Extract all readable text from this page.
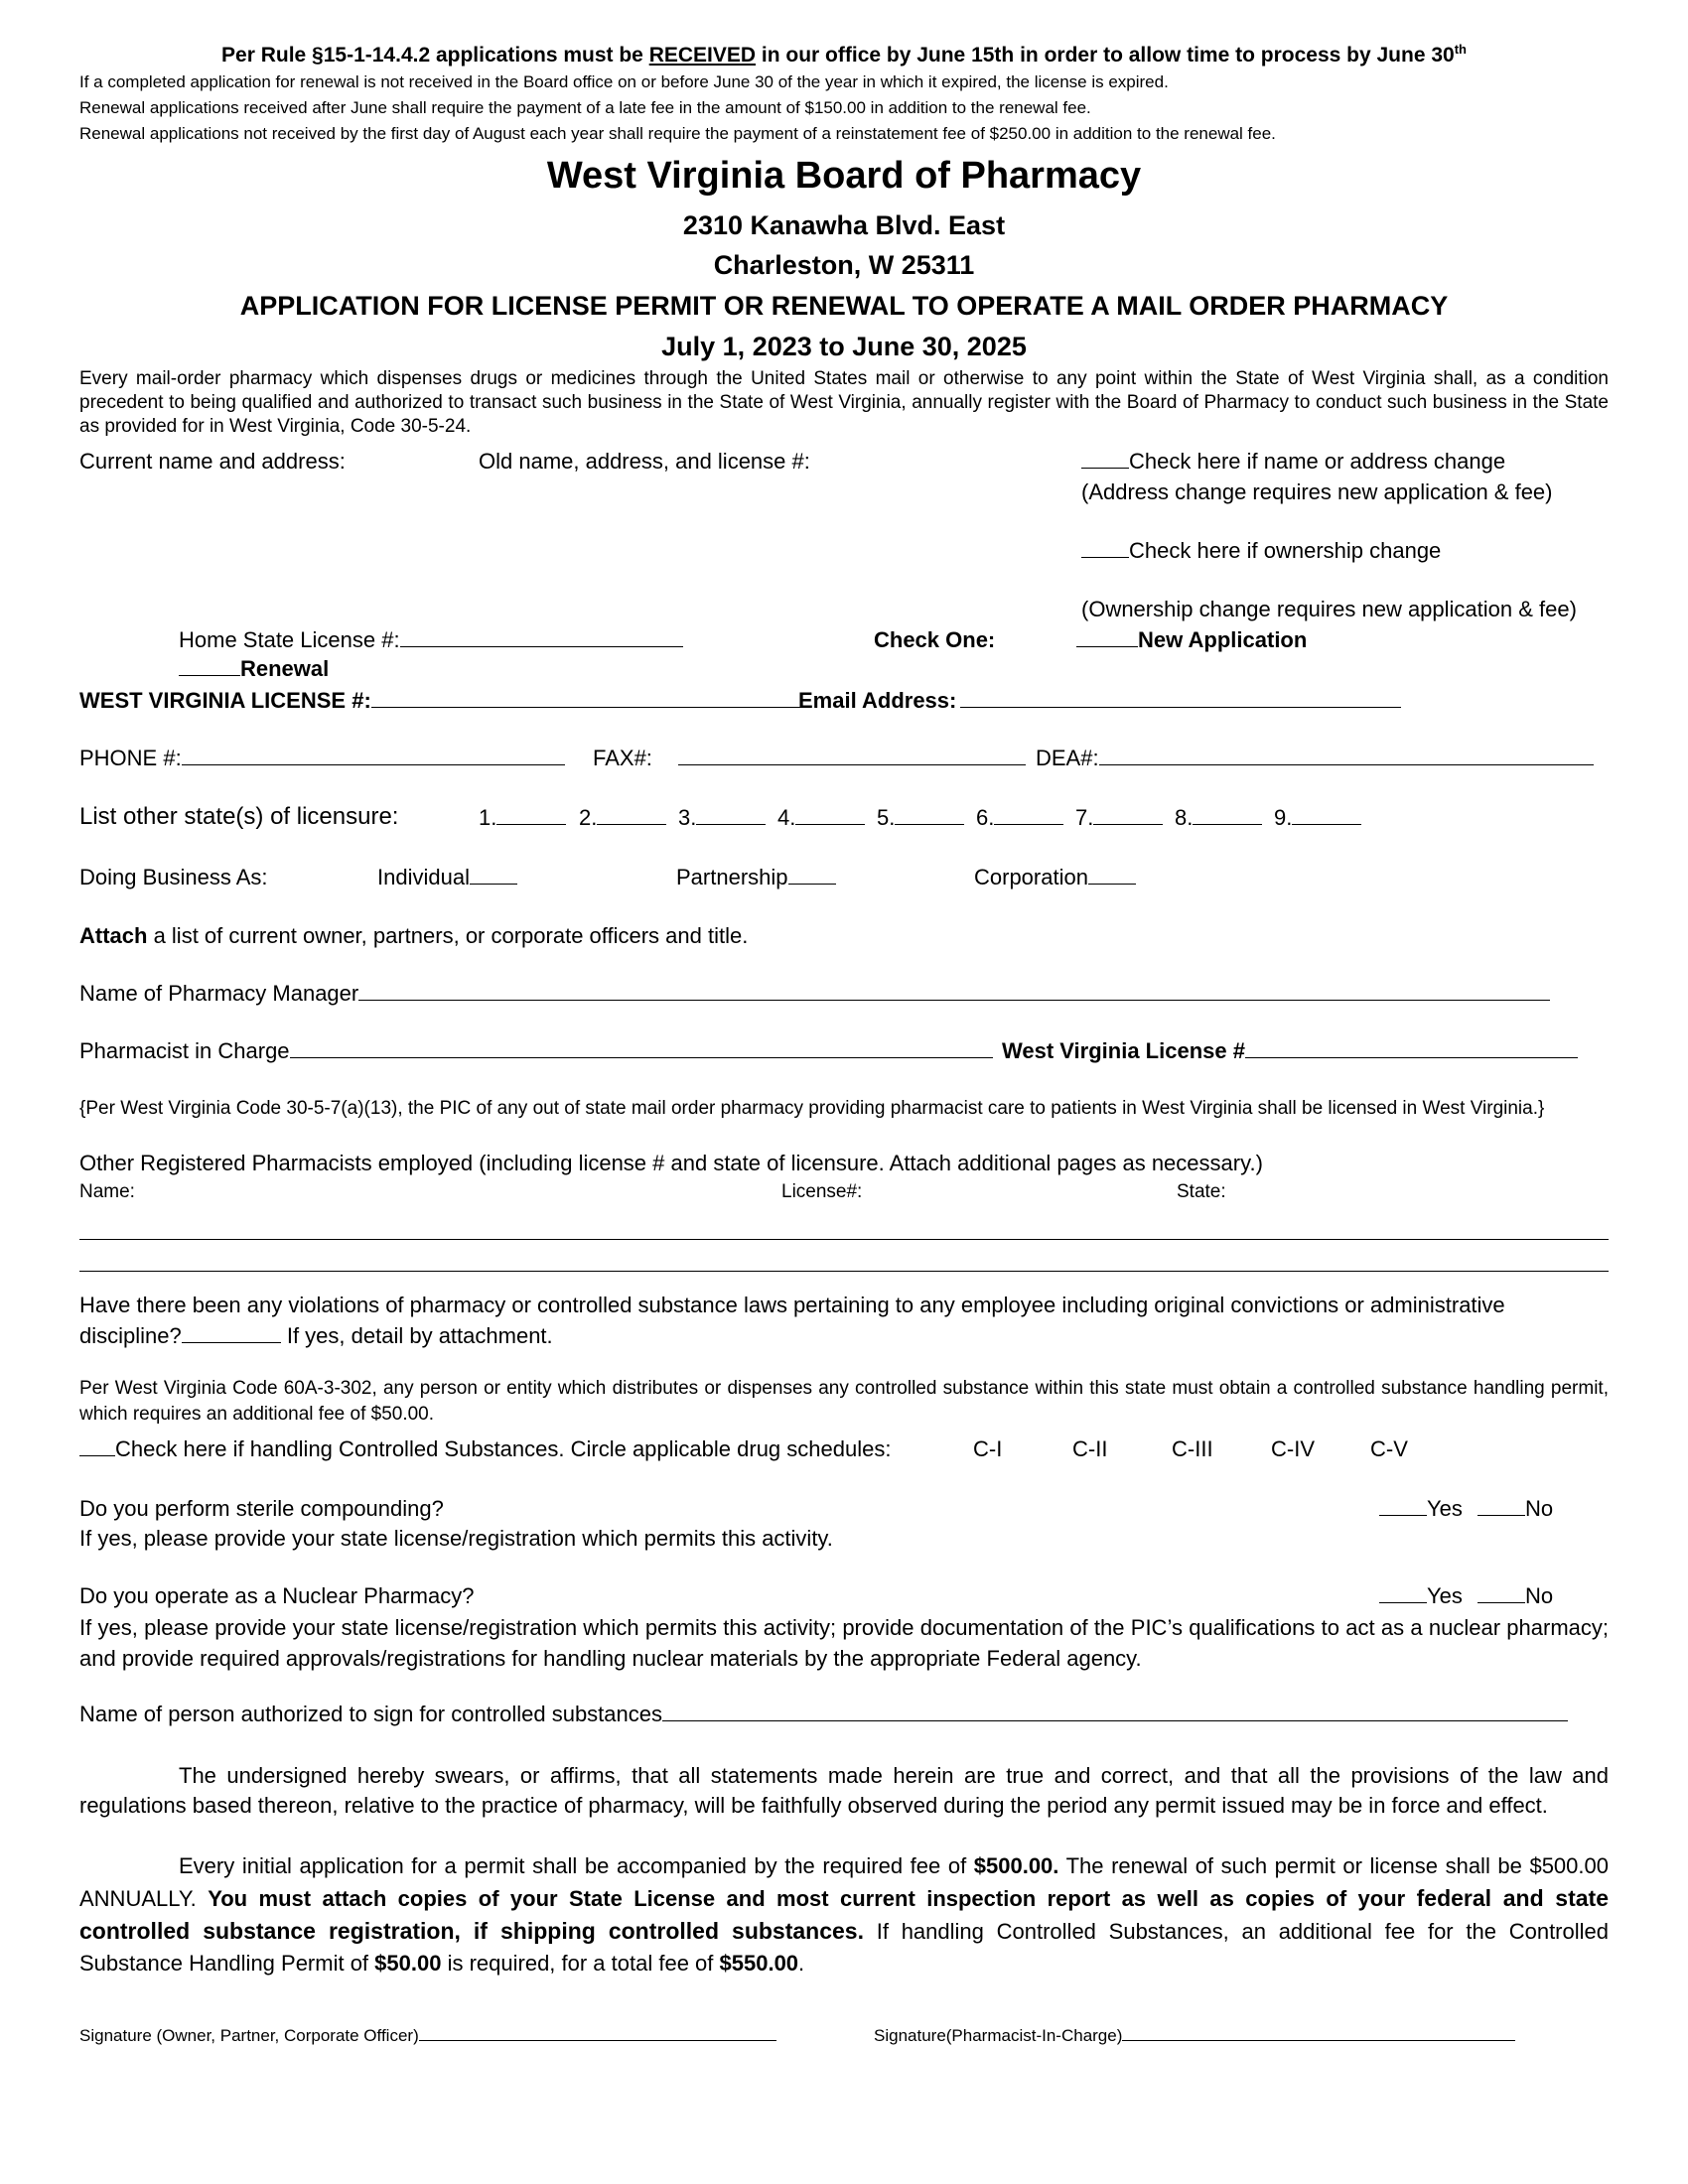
Per Rule §15-1-14.4.2 applications must be RECEIVED in our office by June 15th in order to allow time to process by June 30th
If a completed application for renewal is not received in the Board office on or before June 30 of the year in which it expired, the license is expired.
Renewal applications received after June shall require the payment of a late fee in the amount of $150.00 in addition to the renewal fee.
Renewal applications not received by the first day of August each year shall require the payment of a reinstatement fee of $250.00 in addition to the renewal fee.
West Virginia Board of Pharmacy
2310 Kanawha Blvd. East
Charleston, W 25311
APPLICATION FOR LICENSE PERMIT OR RENEWAL TO OPERATE A MAIL ORDER PHARMACY
July 1, 2023 to June 30, 2025
Every mail-order pharmacy which dispenses drugs or medicines through the United States mail or otherwise to any point within the State of West Virginia shall, as a condition precedent to being qualified and authorized to transact such business in the State of West Virginia, annually register with the Board of Pharmacy to conduct such business in the State as provided for in West Virginia, Code 30-5-24.
Current name and address:	Old name, address, and license #:	Check here if name or address change
(Address change requires new application & fee)
Check here if ownership change
(Ownership change requires new application & fee)
Home State License #:	Check One:	New Application
Renewal
WEST VIRGINIA LICENSE #:	Email Address:
PHONE #:	FAX#:	DEA#:
List other state(s) of licensure:	1.	2.	3.	4.	5.	6.	7.	8.	9.
Doing Business As:	Individual	Partnership	Corporation
Attach a list of current owner, partners, or corporate officers and title.
Name of Pharmacy Manager
Pharmacist in Charge	West Virginia License #
{Per West Virginia Code 30-5-7(a)(13), the PIC of any out of state mail order pharmacy providing pharmacist care to patients in West Virginia shall be licensed in West Virginia.}
Other Registered Pharmacists employed (including license # and state of licensure. Attach additional pages as necessary.)
Name:	License#:	State:
Have there been any violations of pharmacy or controlled substance laws pertaining to any employee including original convictions or administrative
discipline?	If yes, detail by attachment.
Per West Virginia Code 60A-3-302, any person or entity which distributes or dispenses any controlled substance within this state must obtain a controlled substance handling permit, which requires an additional fee of $50.00.
Check here if handling Controlled Substances. Circle applicable drug schedules:	C-I	C-II	C-III	C-IV	C-V
Do you perform sterile compounding?	Yes	No
If yes, please provide your state license/registration which permits this activity.
Do you operate as a Nuclear Pharmacy?	Yes	No
If yes, please provide your state license/registration which permits this activity; provide documentation of the PIC’s qualifications to act as a nuclear pharmacy; and provide required approvals/registrations for handling nuclear materials by the appropriate Federal agency.
Name of person authorized to sign for controlled substances
The undersigned hereby swears, or affirms, that all statements made herein are true and correct, and that all the provisions of the law and regulations based thereon, relative to the practice of pharmacy, will be faithfully observed during the period any permit issued may be in force and effect.
Every initial application for a permit shall be accompanied by the required fee of $500.00. The renewal of such permit or license shall be $500.00 ANNUALLY. You must attach copies of your State License and most current inspection report as well as copies of your federal and state controlled substance registration, if shipping controlled substances. If handling Controlled Substances, an additional fee for the Controlled Substance Handling Permit of $50.00 is required, for a total fee of $550.00.
Signature (Owner, Partner, Corporate Officer)	Signature(Pharmacist-In-Charge)
